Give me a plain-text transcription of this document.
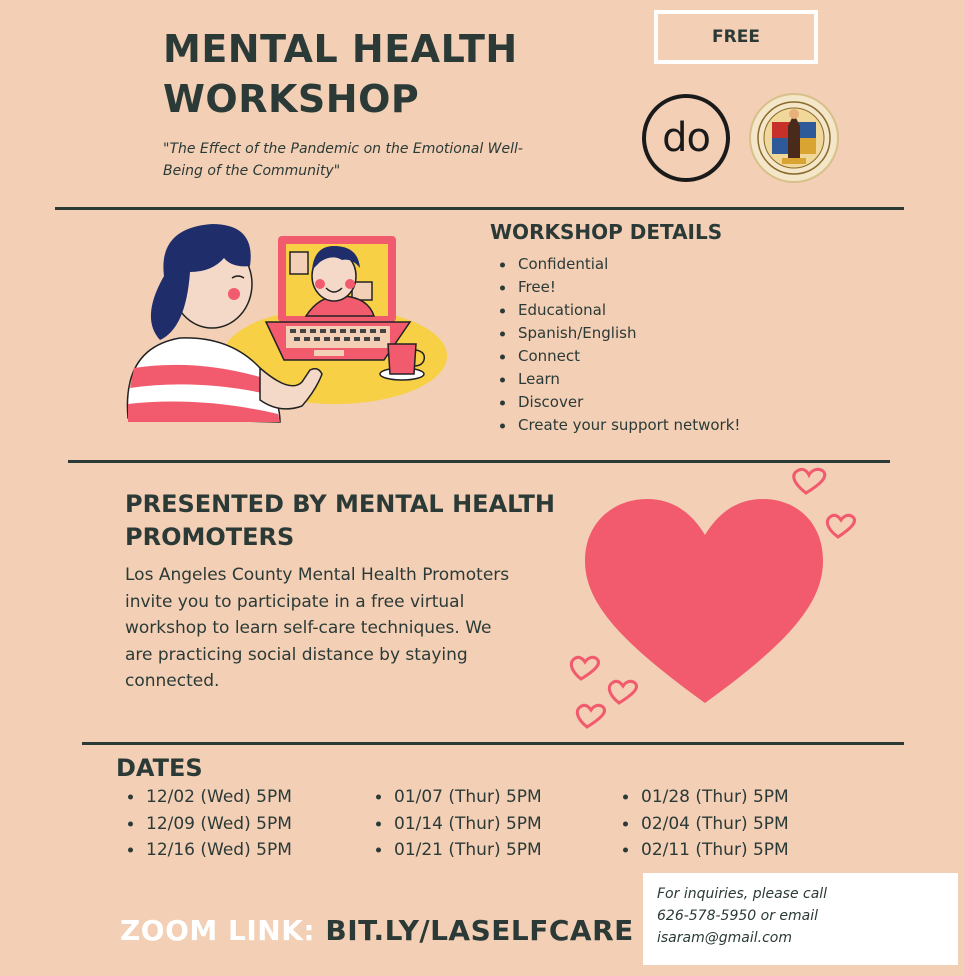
MENTAL HEALTH
WORKSHOP
"The Effect of the Pandemic on the Emotional Well-
Being of the Community"
FREE
do
WORKSHOP DETAILS
Confidential
Free!
Educational
Spanish/English
Connect
Learn
Discover
Create your support network!
PRESENTED BY MENTAL HEALTH
PROMOTERS
Los Angeles County Mental Health Promoters
invite you to participate in a free virtual
workshop to learn self-care techniques. We
are practicing social distance by staying
connected.
DATES
12/02 (Wed) 5PM
12/09 (Wed) 5PM
12/16 (Wed) 5PM
01/07 (Thur) 5PM
01/14 (Thur) 5PM
01/21 (Thur) 5PM
01/28 (Thur) 5PM
02/04 (Thur) 5PM
02/11 (Thur) 5PM
ZOOM LINK: BIT.LY/LASELFCARE
For inquiries, please call
626-578-5950 or email
isaram@gmail.com
